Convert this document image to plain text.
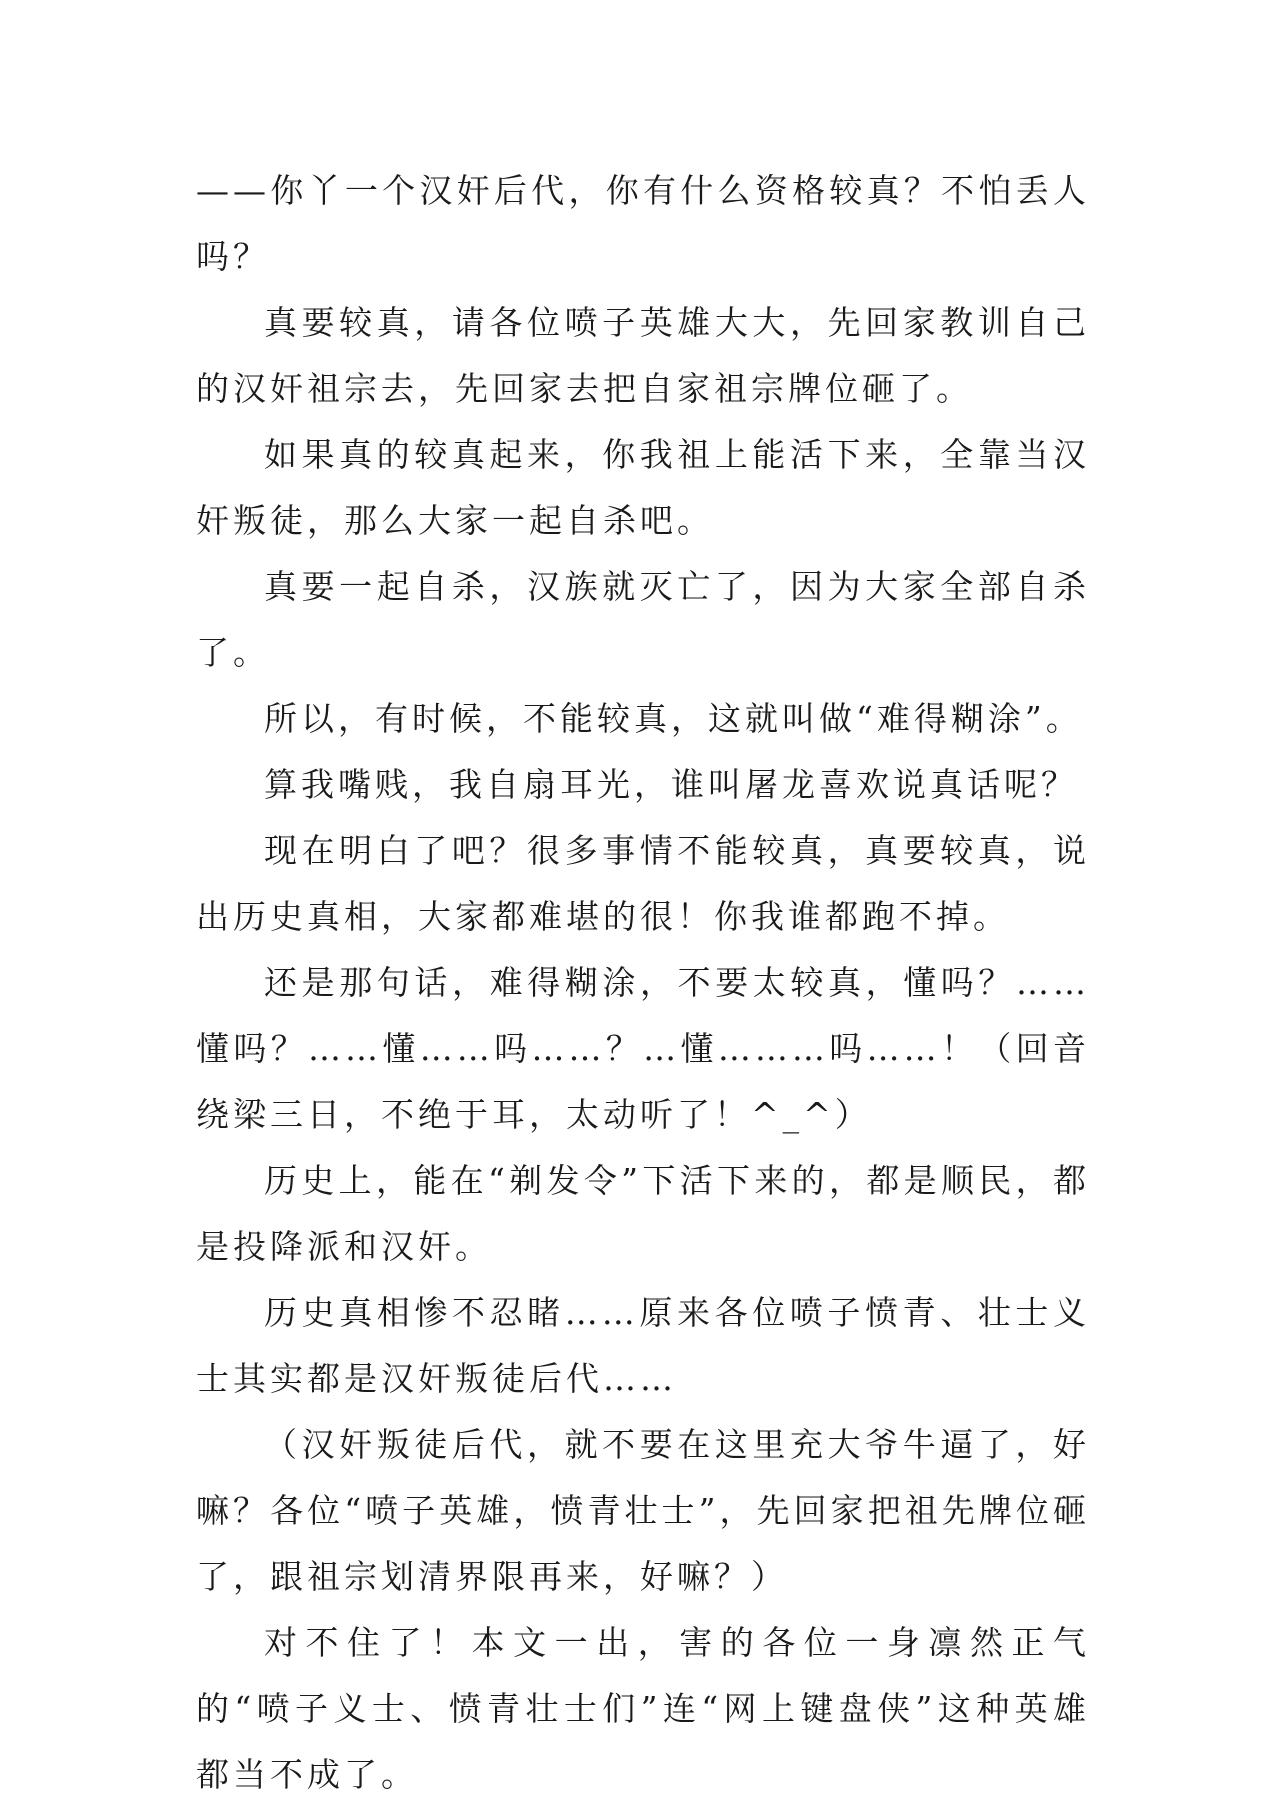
——你丫一个汉奸后代，你有什么资格较真？不怕丢人吗？

真要较真，请各位喷子英雄大大，先回家教训自己的汉奸祖宗去，先回家去把自家祖宗牌位砸了。

如果真的较真起来，你我祖上能活下来，全靠当汉奸叛徒，那么大家一起自杀吧。

真要一起自杀，汉族就灭亡了，因为大家全部自杀了。

所以，有时候，不能较真，这就叫做“难得糊涂”。

算我嘴贱，我自扇耳光，谁叫屠龙喜欢说真话呢？

现在明白了吧？很多事情不能较真，真要较真，说出历史真相，大家都难堪的很！你我谁都跑不掉。

还是那句话，难得糊涂，不要太较真，懂吗？……懂吗？……懂……吗……？…懂………吗……！（回音绕梁三日，不绝于耳，太动听了！^_^）

历史上，能在“剃发令”下活下来的，都是顺民，都是投降派和汉奸。

历史真相惨不忍睹……原来各位喷子愤青、壮士义士其实都是汉奸叛徒后代……

（汉奸叛徒后代，就不要在这里充大爷牛逼了，好嘛？各位“喷子英雄，愤青壮士”，先回家把祖先牌位砸了，跟祖宗划清界限再来，好嘛？）

对不住了！本文一出，害的各位一身凛然正气的“喷子义士、愤青壮士们”连“网上键盘侠”这种英雄都当不成了。
